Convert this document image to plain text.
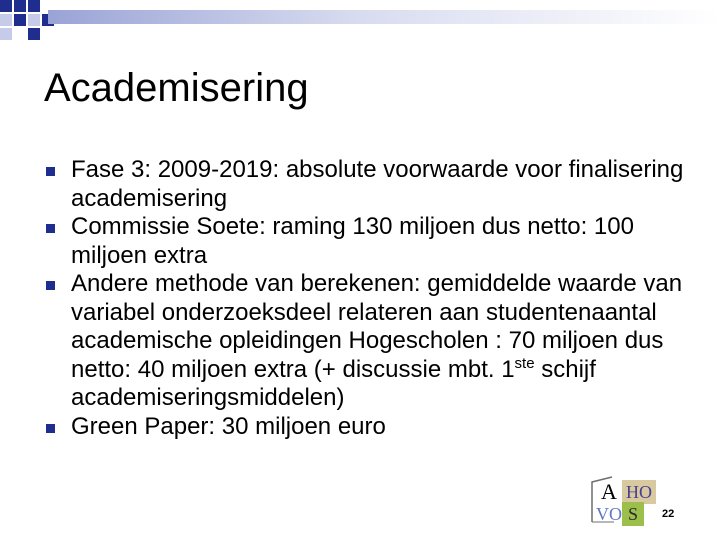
Academisering
Fase 3: 2009-2019: absolute voorwaarde voor finalisering academisering
Commissie Soete: raming 130 miljoen dus netto: 100 miljoen extra
Andere methode van berekenen: gemiddelde waarde van variabel onderzoeksdeel relateren aan studentenaantal academische opleidingen Hogescholen : 70 miljoen dus netto: 40 miljoen extra (+ discussie mbt. 1ste schijf academiseringsmiddelen)
Green Paper: 30 miljoen euro
A HO
VO S	22
